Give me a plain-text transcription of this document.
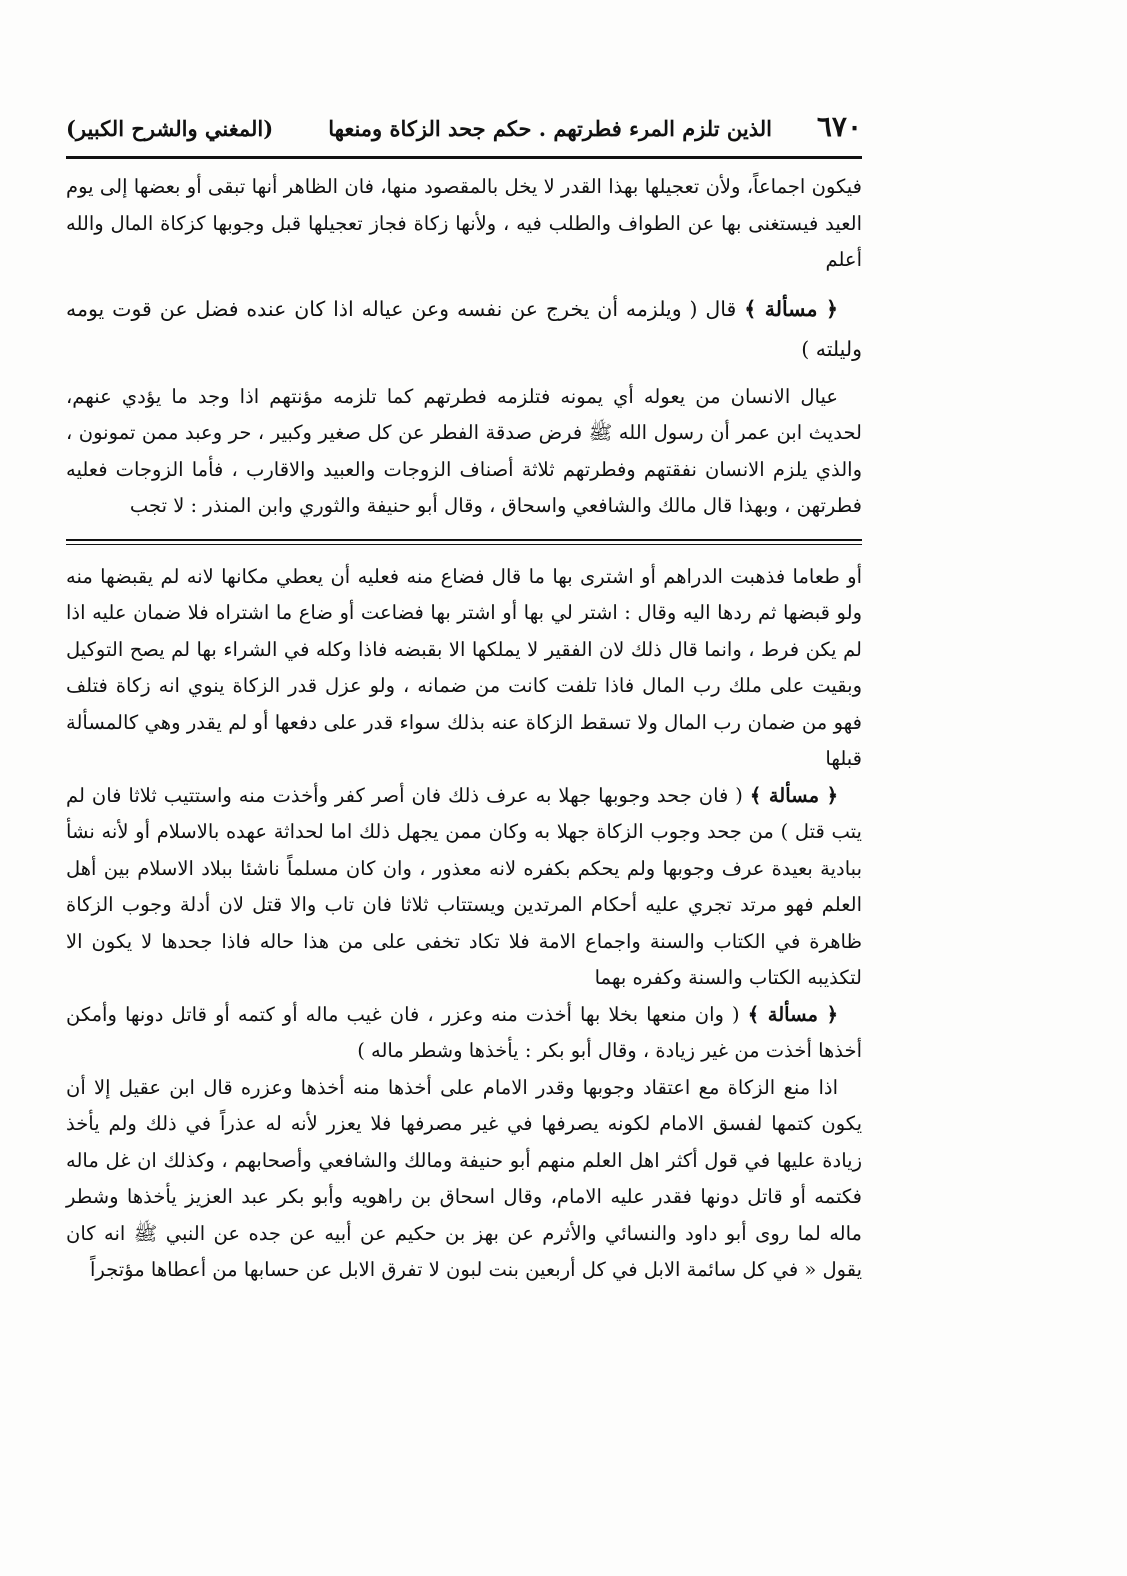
٦٧٠
الذين تلزم المرء فطرتهم . حكم جحد الزكاة ومنعها
(المغني والشرح الكبير)

فيكون اجماعاً، ولأن تعجيلها بهذا القدر لا يخل بالمقصود منها، فان الظاهر أنها تبقى أو بعضها إلى يوم العيد فيستغنى بها عن الطواف والطلب فيه ، ولأنها زكاة فجاز تعجيلها قبل وجوبها كزكاة المال والله أعلم

﴿ مسألة ﴾ قال ( ويلزمه أن يخرج عن نفسه وعن عياله اذا كان عنده فضل عن قوت يومه وليلته )

عيال الانسان من يعوله أي يمونه فتلزمه فطرتهم كما تلزمه مؤنتهم اذا وجد ما يؤدي عنهم، لحديث ابن عمر أن رسول الله ﷺ فرض صدقة الفطر عن كل صغير وكبير ، حر وعبد ممن تمونون ، والذي يلزم الانسان نفقتهم وفطرتهم ثلاثة أصناف الزوجات والعبيد والاقارب ، فأما الزوجات فعليه فطرتهن ، وبهذا قال مالك والشافعي واسحاق ، وقال أبو حنيفة والثوري وابن المنذر : لا تجب

أو طعاما فذهبت الدراهم أو اشترى بها ما قال فضاع منه فعليه أن يعطي مكانها لانه لم يقبضها منه ولو قبضها ثم ردها اليه وقال : اشتر لي بها أو اشتر بها فضاعت أو ضاع ما اشتراه فلا ضمان عليه اذا لم يكن فرط ، وانما قال ذلك لان الفقير لا يملكها الا بقبضه فاذا وكله في الشراء بها لم يصح التوكيل وبقيت على ملك رب المال فاذا تلفت كانت من ضمانه ، ولو عزل قدر الزكاة ينوي انه زكاة فتلف فهو من ضمان رب المال ولا تسقط الزكاة عنه بذلك سواء قدر على دفعها أو لم يقدر وهي كالمسألة قبلها

﴿ مسألة ﴾ ( فان جحد وجوبها جهلا به عرف ذلك فان أصر كفر وأخذت منه واستتيب ثلاثا فان لم يتب قتل ) من جحد وجوب الزكاة جهلا به وكان ممن يجهل ذلك اما لحداثة عهده بالاسلام أو لأنه نشأ ببادية بعيدة عرف وجوبها ولم يحكم بكفره لانه معذور ، وان كان مسلماً ناشئا ببلاد الاسلام بين أهل العلم فهو مرتد تجري عليه أحكام المرتدين ويستتاب ثلاثا فان تاب والا قتل لان أدلة وجوب الزكاة ظاهرة في الكتاب والسنة واجماع الامة فلا تكاد تخفى على من هذا حاله فاذا جحدها لا يكون الا لتكذيبه الكتاب والسنة وكفره بهما

﴿ مسألة ﴾ ( وان منعها بخلا بها أخذت منه وعزر ، فان غيب ماله أو كتمه أو قاتل دونها وأمكن أخذها أخذت من غير زيادة ، وقال أبو بكر : يأخذها وشطر ماله )

اذا منع الزكاة مع اعتقاد وجوبها وقدر الامام على أخذها منه أخذها وعزره قال ابن عقيل إلا أن يكون كتمها لفسق الامام لكونه يصرفها في غير مصرفها فلا يعزر لأنه له عذراً في ذلك ولم يأخذ زيادة عليها في قول أكثر اهل العلم منهم أبو حنيفة ومالك والشافعي وأصحابهم ، وكذلك ان غل ماله فكتمه أو قاتل دونها فقدر عليه الامام، وقال اسحاق بن راهويه وأبو بكر عبد العزيز يأخذها وشطر ماله لما روى أبو داود والنسائي والأثرم عن بهز بن حكيم عن أبيه عن جده عن النبي ﷺ انه كان يقول « في كل سائمة الابل في كل أربعين بنت لبون لا تفرق الابل عن حسابها من أعطاها مؤتجراً
